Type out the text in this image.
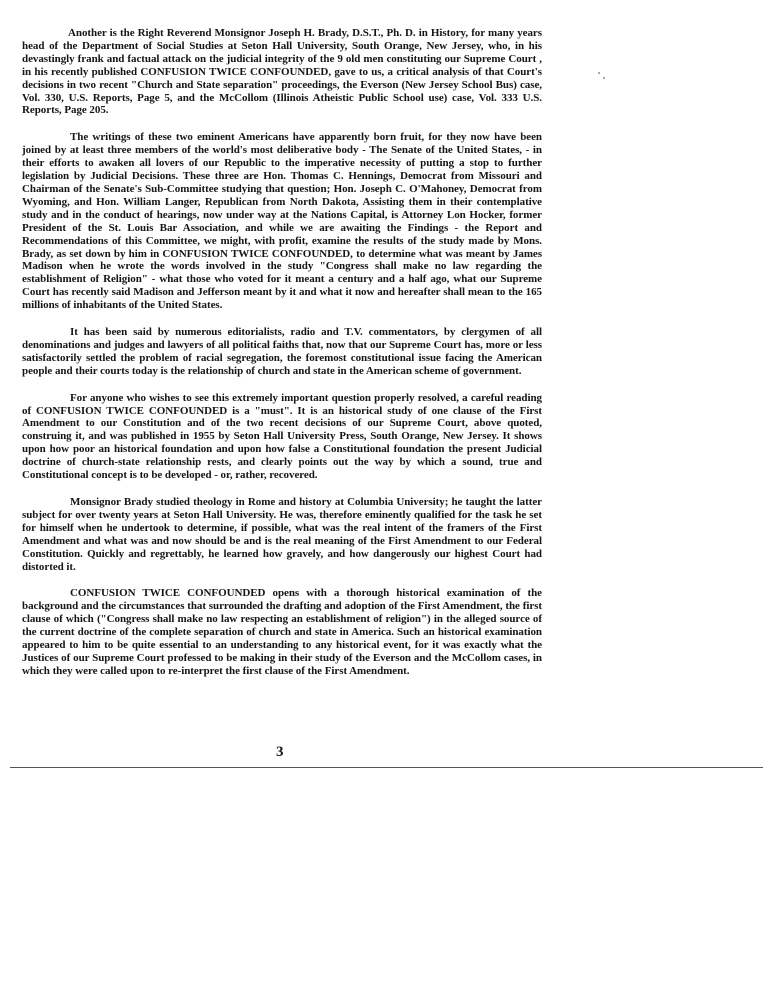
Another is the Right Reverend Monsignor Joseph H. Brady, D.S.T., Ph. D. in History, for many years head of the Department of Social Studies at Seton Hall University, South Orange, New Jersey, who, in his devastingly frank and factual attack on the judicial integrity of the 9 old men constituting our Supreme Court , in his recently published CONFUSION TWICE CONFOUNDED, gave to us, a critical analysis of that Court's decisions in two recent "Church and State separation" proceedings, the Everson (New Jersey School Bus) case, Vol. 330, U.S. Reports, Page 5, and the McCollom (Illinois Atheistic Public School use) case, Vol. 333 U.S. Reports, Page 205.

The writings of these two eminent Americans have apparently born fruit, for they now have been joined by at least three members of the world's most deliberative body - The Senate of the United States, - in their efforts to awaken all lovers of our Republic to the imperative necessity of putting a stop to further legislation by Judicial Decisions. These three are Hon. Thomas C. Hennings, Democrat from Missouri and Chairman of the Senate's Sub-Committee studying that question; Hon. Joseph C. O'Mahoney, Democrat from Wyoming, and Hon. William Langer, Republican from North Dakota, Assisting them in their contemplative study and in the conduct of hearings, now under way at the Nations Capital, is Attorney Lon Hocker, former President of the St. Louis Bar Association, and while we are awaiting the Findings - the Report and Recommendations of this Committee, we might, with profit, examine the results of the study made by Mons. Brady, as set down by him in CONFUSION TWICE CONFOUNDED, to determine what was meant by James Madison when he wrote the words involved in the study "Congress shall make no law regarding the establishment of Religion" - what those who voted for it meant a century and a half ago, what our Supreme Court has recently said Madison and Jefferson meant by it and what it now and hereafter shall mean to the 165 millions of inhabitants of the United States.

It has been said by numerous editorialists, radio and T.V. commentators, by clergymen of all denominations and judges and lawyers of all political faiths that, now that our Supreme Court has, more or less satisfactorily settled the problem of racial segregation, the foremost constitutional issue facing the American people and their courts today is the relationship of church and state in the American scheme of government.

For anyone who wishes to see this extremely important question properly resolved, a careful reading of CONFUSION TWICE CONFOUNDED is a "must". It is an historical study of one clause of the First Amendment to our Constitution and of the two recent decisions of our Supreme Court, above quoted, construing it, and was published in 1955 by Seton Hall University Press, South Orange, New Jersey. It shows upon how poor an historical foundation and upon how false a Constitutional foundation the present Judicial doctrine of church-state relationship rests, and clearly points out the way by which a sound, true and Constitutional concept is to be developed - or, rather, recovered.

Monsignor Brady studied theology in Rome and history at Columbia University; he taught the latter subject for over twenty years at Seton Hall University. He was, therefore eminently qualified for the task he set for himself when he undertook to determine, if possible, what was the real intent of the framers of the First Amendment and what was and now should be and is the real meaning of the First Amendment to our Federal Constitution. Quickly and regrettably, he learned how gravely, and how dangerously our highest Court had distorted it.

CONFUSION TWICE CONFOUNDED opens with a thorough historical examination of the background and the circumstances that surrounded the drafting and adoption of the First Amendment, the first clause of which ("Congress shall make no law respecting an establishment of religion") in the alleged source of the current doctrine of the complete separation of church and state in America. Such an historical examination appeared to him to be quite essential to an understanding to any historical event, for it was exactly what the Justices of our Supreme Court professed to be making in their study of the Everson and the McCollom cases, in which they were called upon to re-interpret the first clause of the First Amendment.

3
